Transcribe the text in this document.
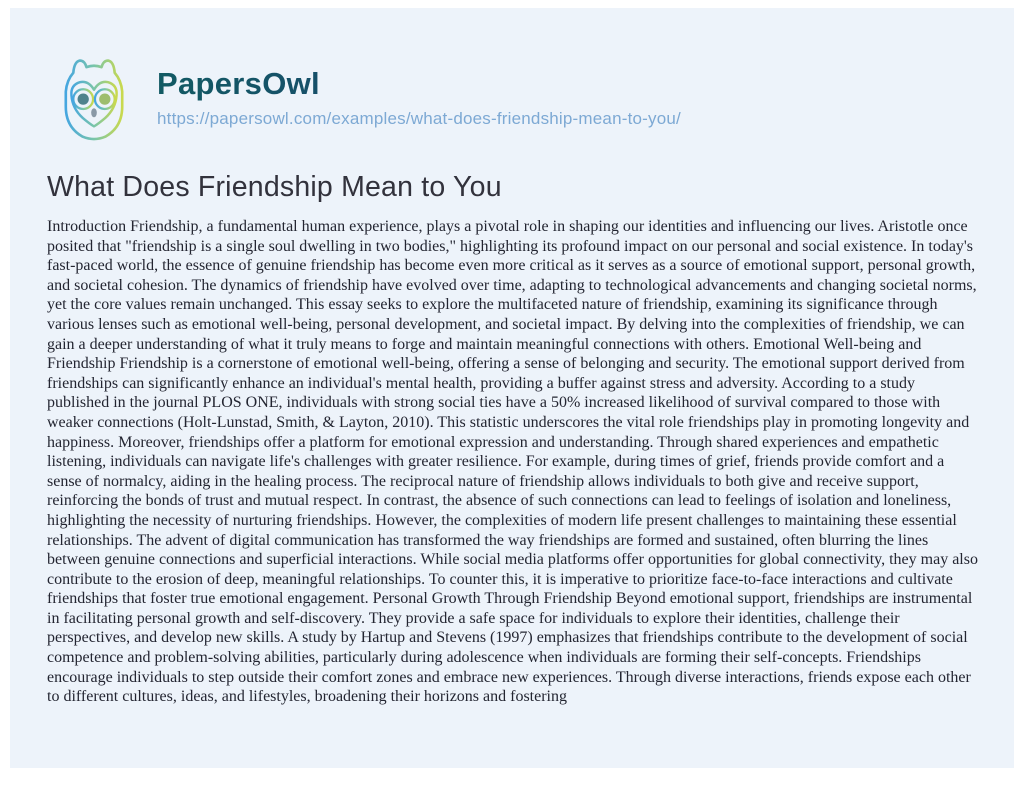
PapersOwl
https://papersowl.com/examples/what-does-friendship-mean-to-you/
What Does Friendship Mean to You

Introduction Friendship, a fundamental human experience, plays a pivotal role in shaping our identities and influencing our lives. Aristotle once posited that "friendship is a single soul dwelling in two bodies," highlighting its profound impact on our personal and social existence. In today's fast-paced world, the essence of genuine friendship has become even more critical as it serves as a source of emotional support, personal growth, and societal cohesion. The dynamics of friendship have evolved over time, adapting to technological advancements and changing societal norms, yet the core values remain unchanged. This essay seeks to explore the multifaceted nature of friendship, examining its significance through various lenses such as emotional well-being, personal development, and societal impact. By delving into the complexities of friendship, we can gain a deeper understanding of what it truly means to forge and maintain meaningful connections with others. Emotional Well-being and Friendship Friendship is a cornerstone of emotional well-being, offering a sense of belonging and security. The emotional support derived from friendships can significantly enhance an individual's mental health, providing a buffer against stress and adversity. According to a study published in the journal PLOS ONE, individuals with strong social ties have a 50% increased likelihood of survival compared to those with weaker connections (Holt-Lunstad, Smith, & Layton, 2010). This statistic underscores the vital role friendships play in promoting longevity and happiness. Moreover, friendships offer a platform for emotional expression and understanding. Through shared experiences and empathetic listening, individuals can navigate life's challenges with greater resilience. For example, during times of grief, friends provide comfort and a sense of normalcy, aiding in the healing process. The reciprocal nature of friendship allows individuals to both give and receive support, reinforcing the bonds of trust and mutual respect. In contrast, the absence of such connections can lead to feelings of isolation and loneliness, highlighting the necessity of nurturing friendships. However, the complexities of modern life present challenges to maintaining these essential relationships. The advent of digital communication has transformed the way friendships are formed and sustained, often blurring the lines between genuine connections and superficial interactions. While social media platforms offer opportunities for global connectivity, they may also contribute to the erosion of deep, meaningful relationships. To counter this, it is imperative to prioritize face-to-face interactions and cultivate friendships that foster true emotional engagement. Personal Growth Through Friendship Beyond emotional support, friendships are instrumental in facilitating personal growth and self-discovery. They provide a safe space for individuals to explore their identities, challenge their perspectives, and develop new skills. A study by Hartup and Stevens (1997) emphasizes that friendships contribute to the development of social competence and problem-solving abilities, particularly during adolescence when individuals are forming their self-concepts. Friendships encourage individuals to step outside their comfort zones and embrace new experiences. Through diverse interactions, friends expose each other to different cultures, ideas, and lifestyles, broadening their horizons and fostering
